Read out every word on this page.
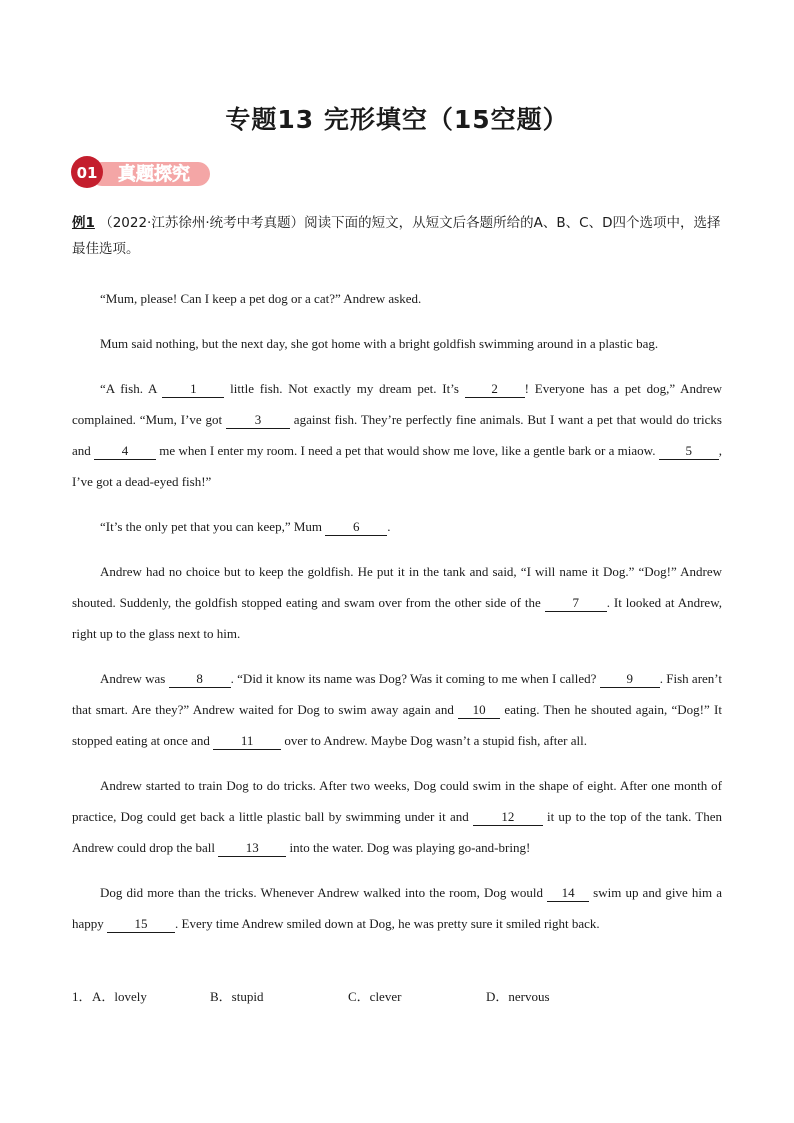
专题13 完形填空（15空题）
01 真题探究
例1 （2022·江苏徐州·统考中考真题）阅读下面的短文，从短文后各题所给的A、B、C、D四个选项中，选择最佳选项。

“Mum, please! Can I keep a pet dog or a cat?” Andrew asked.

Mum said nothing, but the next day, she got home with a bright goldfish swimming around in a plastic bag.

“A fish. A 1 little fish. Not exactly my dream pet. It’s 2 ! Everyone has a pet dog,” Andrew complained. “Mum, I’ve got 3 against fish. They’re perfectly fine animals. But I want a pet that would do tricks and 4 me when I enter my room. I need a pet that would show me love, like a gentle bark or a miaow. 5 , I’ve got a dead-eyed fish!”

“It’s the only pet that you can keep,” Mum 6 .

Andrew had no choice but to keep the goldfish. He put it in the tank and said, “I will name it Dog.” “Dog!” Andrew shouted. Suddenly, the goldfish stopped eating and swam over from the other side of the 7 . It looked at Andrew, right up to the glass next to him.

Andrew was 8 . “Did it know its name was Dog? Was it coming to me when I called? 9 . Fish aren’t that smart. Are they?” Andrew waited for Dog to swim away again and 10 eating. Then he shouted again, “Dog!” It stopped eating at once and 11 over to Andrew. Maybe Dog wasn’t a stupid fish, after all.

Andrew started to train Dog to do tricks. After two weeks, Dog could swim in the shape of eight. After one month of practice, Dog could get back a little plastic ball by swimming under it and 12 it up to the top of the tank. Then Andrew could drop the ball 13 into the water. Dog was playing go-and-bring!

Dog did more than the tricks. Whenever Andrew walked into the room, Dog would 14 swim up and give him a happy 15 . Every time Andrew smiled down at Dog, he was pretty sure it smiled right back.

1． A．lovely	B．stupid	C．clever	D．nervous
